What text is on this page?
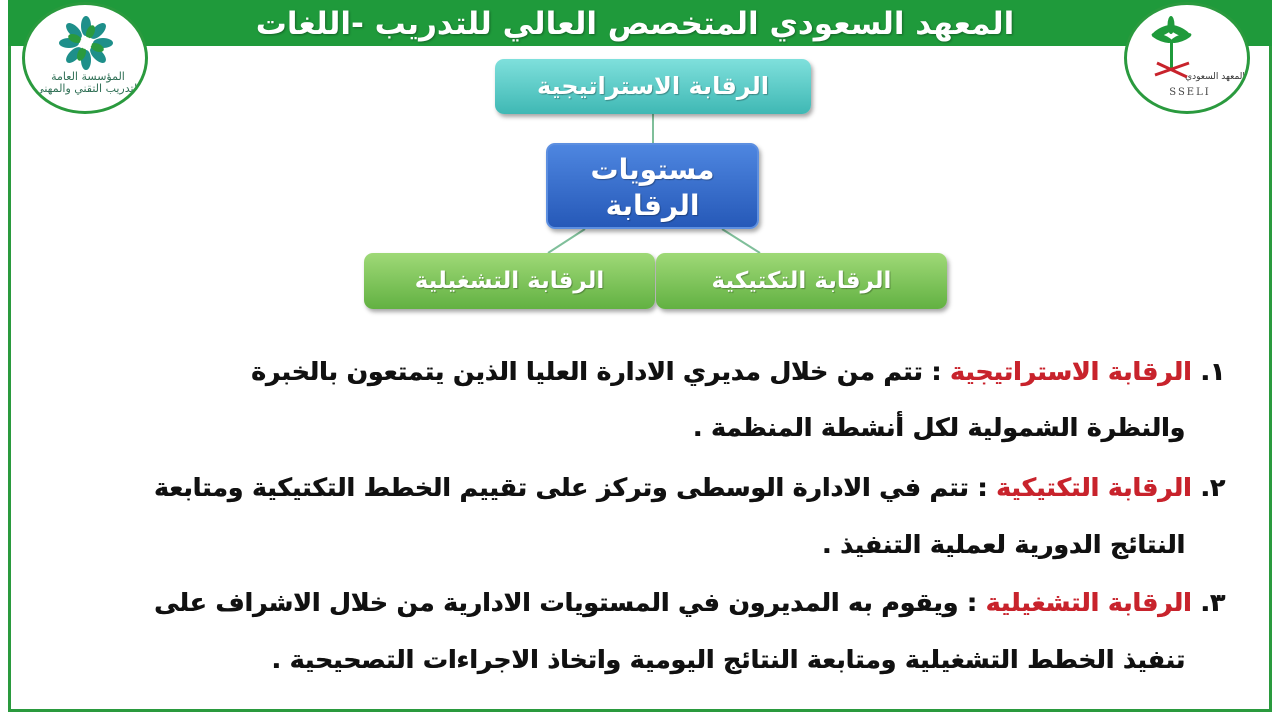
المعهد السعودي المتخصص العالي للتدريب -اللغات
المؤسسة العامة للتدريب التقني والمهني
المعهد السعودي
SSELI
الرقابة الاستراتيجية
مستويات
الرقابة
الرقابة التشغيلية	الرقابة التكتيكية
١. الرقابة الاستراتيجية : تتم من خلال مديري الادارة العليا الذين يتمتعون بالخبرة
والنظرة الشمولية لكل أنشطة المنظمة .
٢. الرقابة التكتيكية : تتم في الادارة الوسطى وتركز على تقييم الخطط التكتيكية ومتابعة
النتائج الدورية لعملية التنفيذ .
٣. الرقابة التشغيلية : ويقوم به المديرون في المستويات الادارية من خلال الاشراف على
تنفيذ الخطط التشغيلية ومتابعة النتائج اليومية واتخاذ الاجراءات التصحيحية .
